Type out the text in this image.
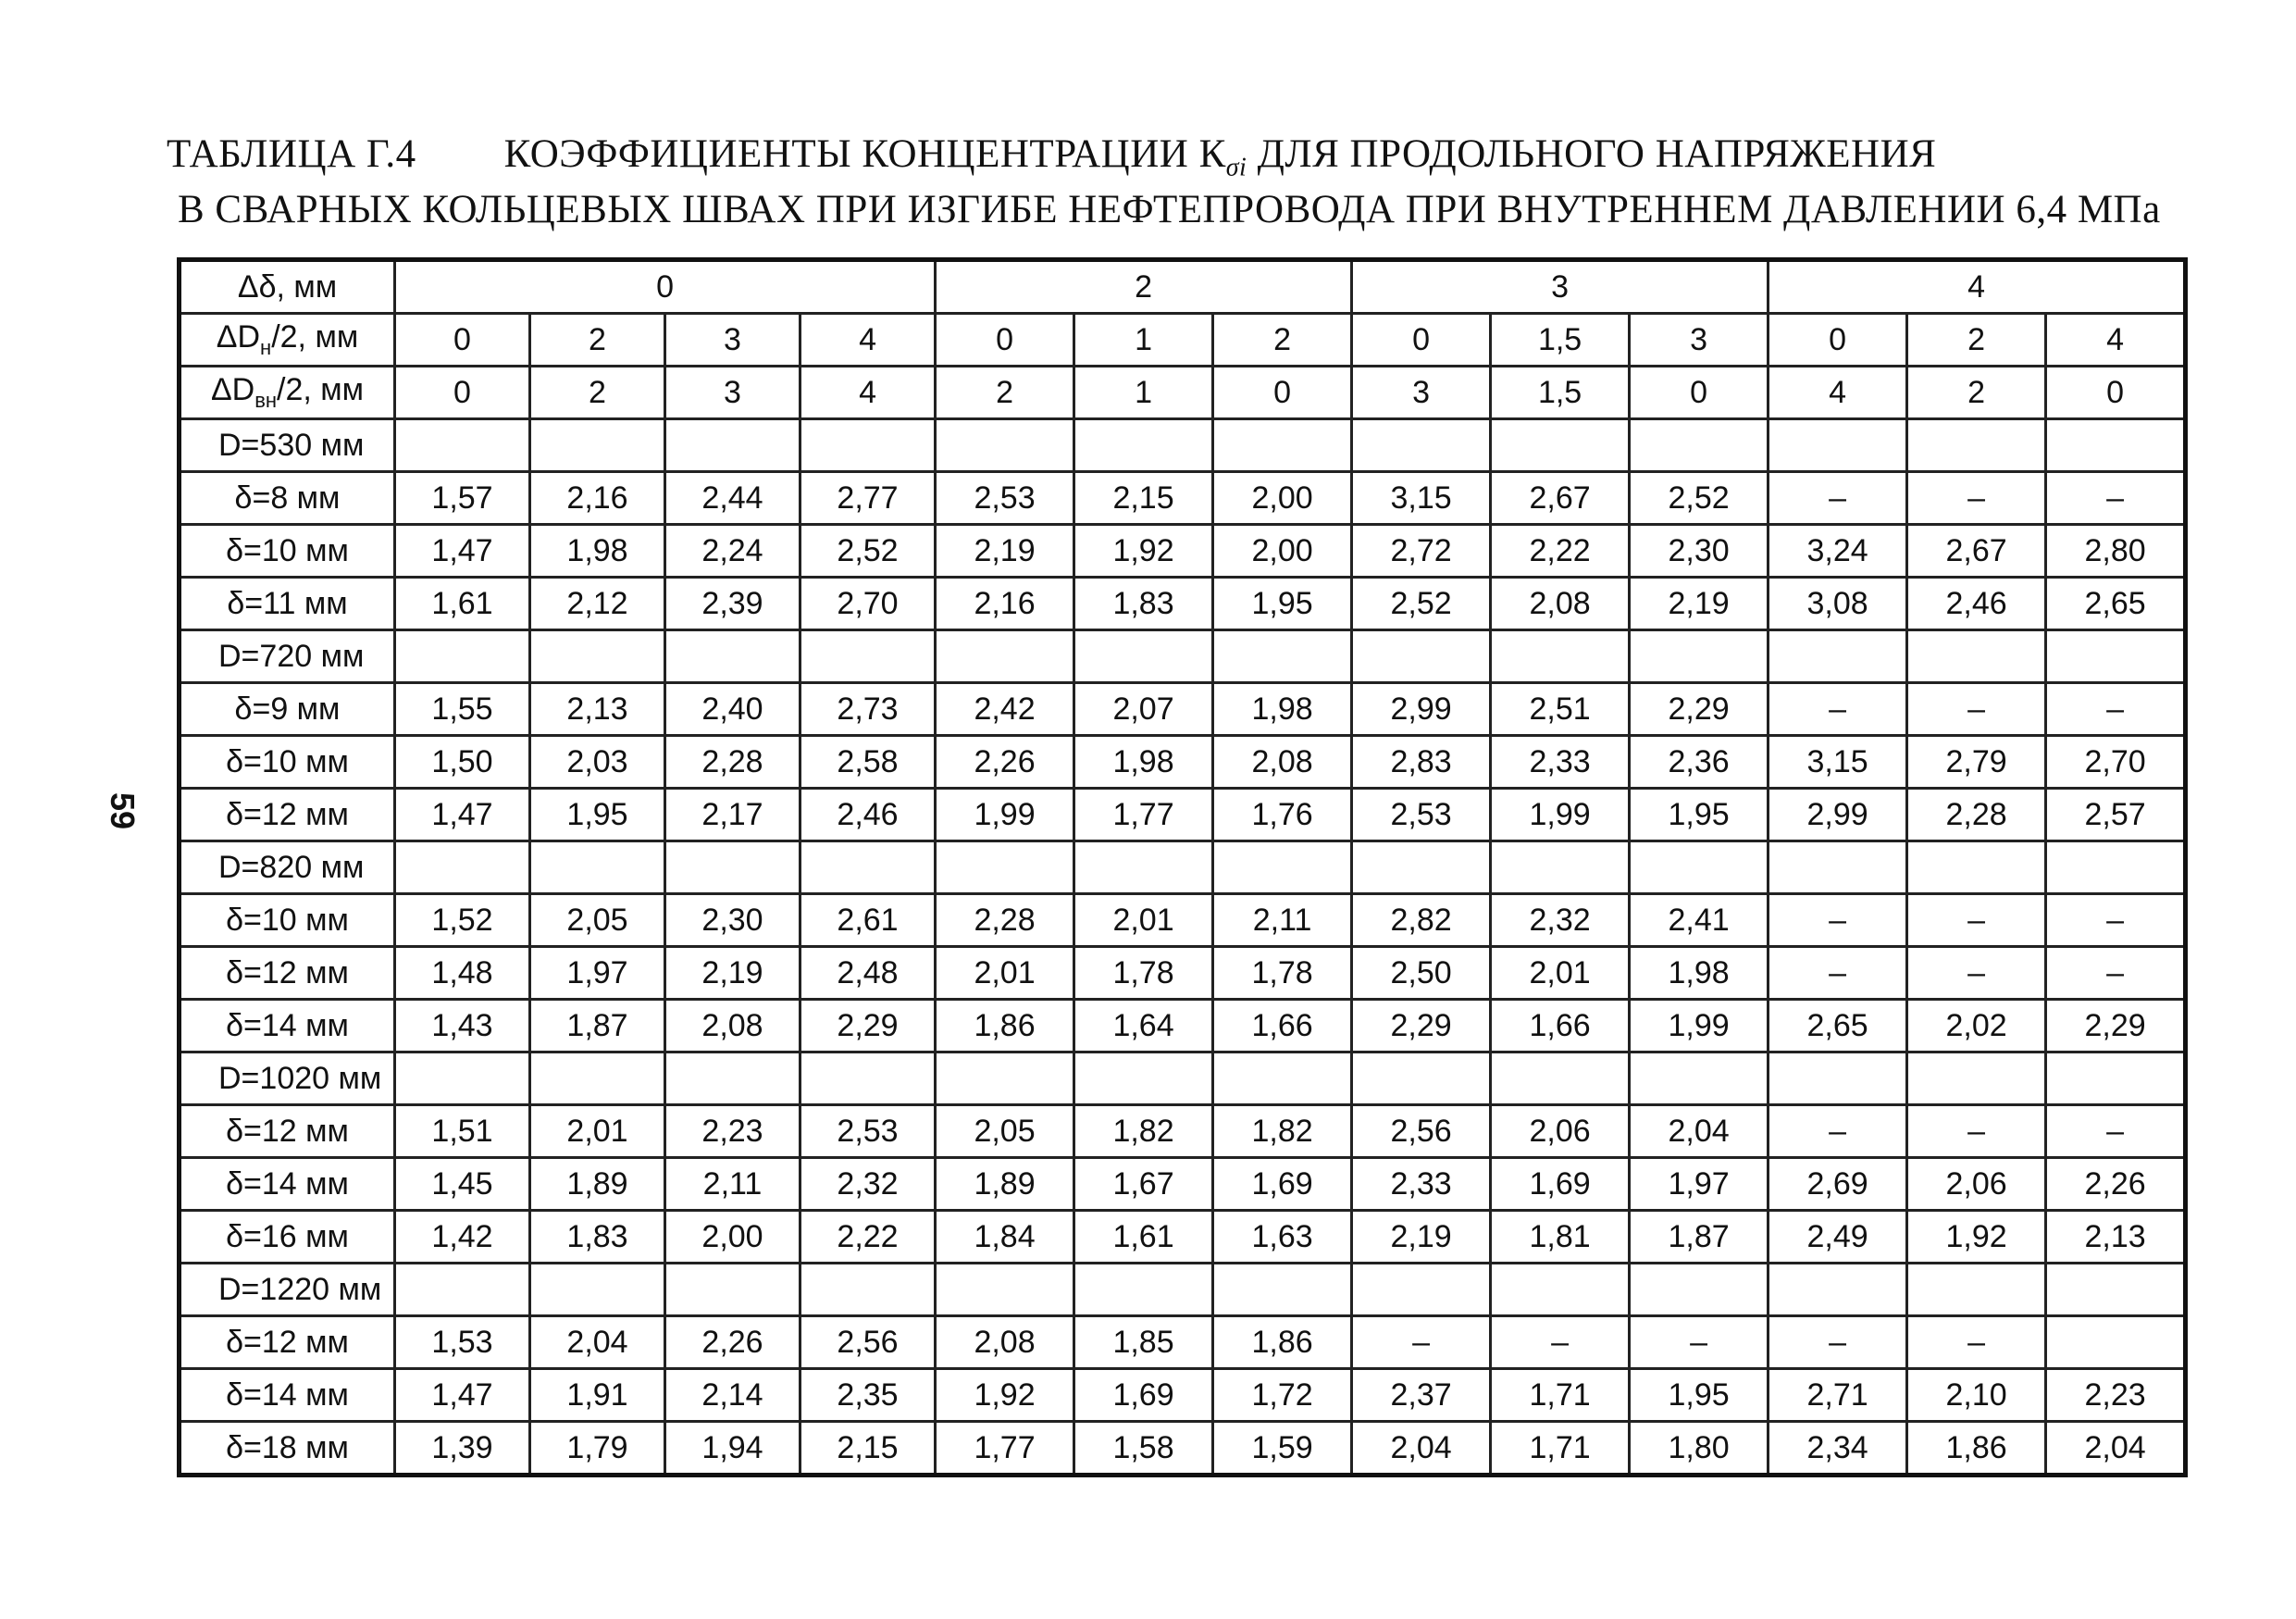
ТАБЛИЦА Г.4 КОЭФФИЦИЕНТЫ КОНЦЕНТРАЦИИ $К_{\sigma i}$ ДЛЯ ПРОДОЛЬНОГО НАПРЯЖЕНИЯ
В СВАРНЫХ КОЛЬЦЕВЫХ ШВАХ ПРИ ИЗГИБЕ НЕФТЕПРОВОДА ПРИ ВНУТРЕННЕМ ДАВЛЕНИИ 6,4 МПа
59
Δδ, мм	0				2			3			4		
$\Delta D_н/2$, мм	0	2	3	4	0	1	2	0	1,5	3	0	2	4
$\Delta D_{вн}/2$, мм	0	2	3	4	2	1	0	3	1,5	0	4	2	0
D=530 мм													
δ=8 мм	1,57	2,16	2,44	2,77	2,53	2,15	2,00	3,15	2,67	2,52	–	–	–
δ=10 мм	1,47	1,98	2,24	2,52	2,19	1,92	2,00	2,72	2,22	2,30	3,24	2,67	2,80
δ=11 мм	1,61	2,12	2,39	2,70	2,16	1,83	1,95	2,52	2,08	2,19	3,08	2,46	2,65
D=720 мм													
δ=9 мм	1,55	2,13	2,40	2,73	2,42	2,07	1,98	2,99	2,51	2,29	–	–	–
δ=10 мм	1,50	2,03	2,28	2,58	2,26	1,98	2,08	2,83	2,33	2,36	3,15	2,79	2,70
δ=12 мм	1,47	1,95	2,17	2,46	1,99	1,77	1,76	2,53	1,99	1,95	2,99	2,28	2,57
D=820 мм													
δ=10 мм	1,52	2,05	2,30	2,61	2,28	2,01	2,11	2,82	2,32	2,41	–	–	–
δ=12 мм	1,48	1,97	2,19	2,48	2,01	1,78	1,78	2,50	2,01	1,98	–	–	–
δ=14 мм	1,43	1,87	2,08	2,29	1,86	1,64	1,66	2,29	1,66	1,99	2,65	2,02	2,29
D=1020 мм													
δ=12 мм	1,51	2,01	2,23	2,53	2,05	1,82	1,82	2,56	2,06	2,04	–	–	–
δ=14 мм	1,45	1,89	2,11	2,32	1,89	1,67	1,69	2,33	1,69	1,97	2,69	2,06	2,26
δ=16 мм	1,42	1,83	2,00	2,22	1,84	1,61	1,63	2,19	1,81	1,87	2,49	1,92	2,13
D=1220 мм													
δ=12 мм	1,53	2,04	2,26	2,56	2,08	1,85	1,86	–	–	–	–	–	
δ=14 мм	1,47	1,91	2,14	2,35	1,92	1,69	1,72	2,37	1,71	1,95	2,71	2,10	2,23
δ=18 мм	1,39	1,79	1,94	2,15	1,77	1,58	1,59	2,04	1,71	1,80	2,34	1,86	2,04
